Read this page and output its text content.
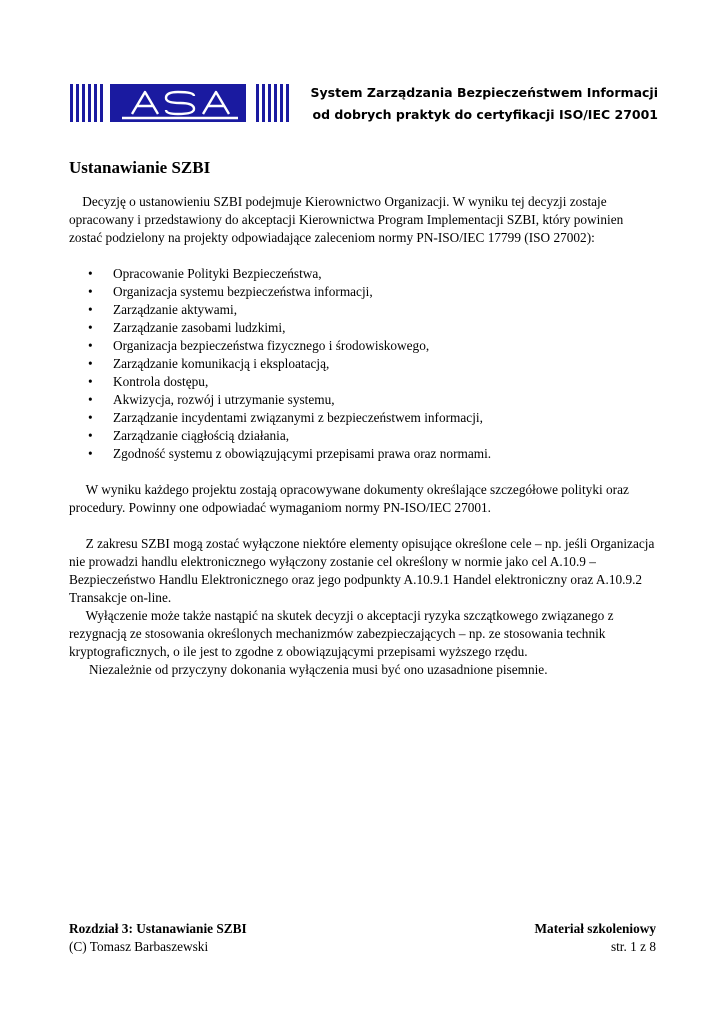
System Zarządzania Bezpieczeństwem Informacji
od dobrych praktyk do certyfikacji ISO/IEC 27001
Ustanawianie SZBI

Decyzję o ustanowieniu SZBI podejmuje Kierownictwo Organizacji. W wyniku tej decyzji zostaje opracowany i przedstawiony do akceptacji Kierownictwa Program Implementacji SZBI, który powinien zostać podzielony na projekty odpowiadające zaleceniom normy PN-ISO/IEC 17799 (ISO 27002):

• Opracowanie Polityki Bezpieczeństwa,
• Organizacja systemu bezpieczeństwa informacji,
• Zarządzanie aktywami,
• Zarządzanie zasobami ludzkimi,
• Organizacja bezpieczeństwa fizycznego i środowiskowego,
• Zarządzanie komunikacją i eksploatacją,
• Kontrola dostępu,
• Akwizycja, rozwój i utrzymanie systemu,
• Zarządzanie incydentami związanymi z bezpieczeństwem informacji,
• Zarządzanie ciągłością działania,
• Zgodność systemu z obowiązującymi przepisami prawa oraz normami.

W wyniku każdego projektu zostają opracowywane dokumenty określające szczegółowe polityki oraz procedury. Powinny one odpowiadać wymaganiom normy PN-ISO/IEC 27001.

Z zakresu SZBI mogą zostać wyłączone niektóre elementy opisujące określone cele – np. jeśli Organizacja nie prowadzi handlu elektronicznego wyłączony zostanie cel określony w normie jako cel A.10.9 – Bezpieczeństwo Handlu Elektronicznego oraz jego podpunkty A.10.9.1 Handel elektroniczny oraz A.10.9.2 Transakcje on-line.

Wyłączenie może także nastąpić na skutek decyzji o akceptacji ryzyka szczątkowego związanego z rezygnacją ze stosowania określonych mechanizmów zabezpieczających – np. ze stosowania technik kryptograficznych, o ile jest to zgodne z obowiązującymi przepisami wyższego rzędu.

Niezależnie od przyczyny dokonania wyłączenia musi być ono uzasadnione pisemnie.

Rozdział 3: Ustanawianie SZBI	Materiał szkoleniowy
(C) Tomasz Barbaszewski	str. 1 z 8
